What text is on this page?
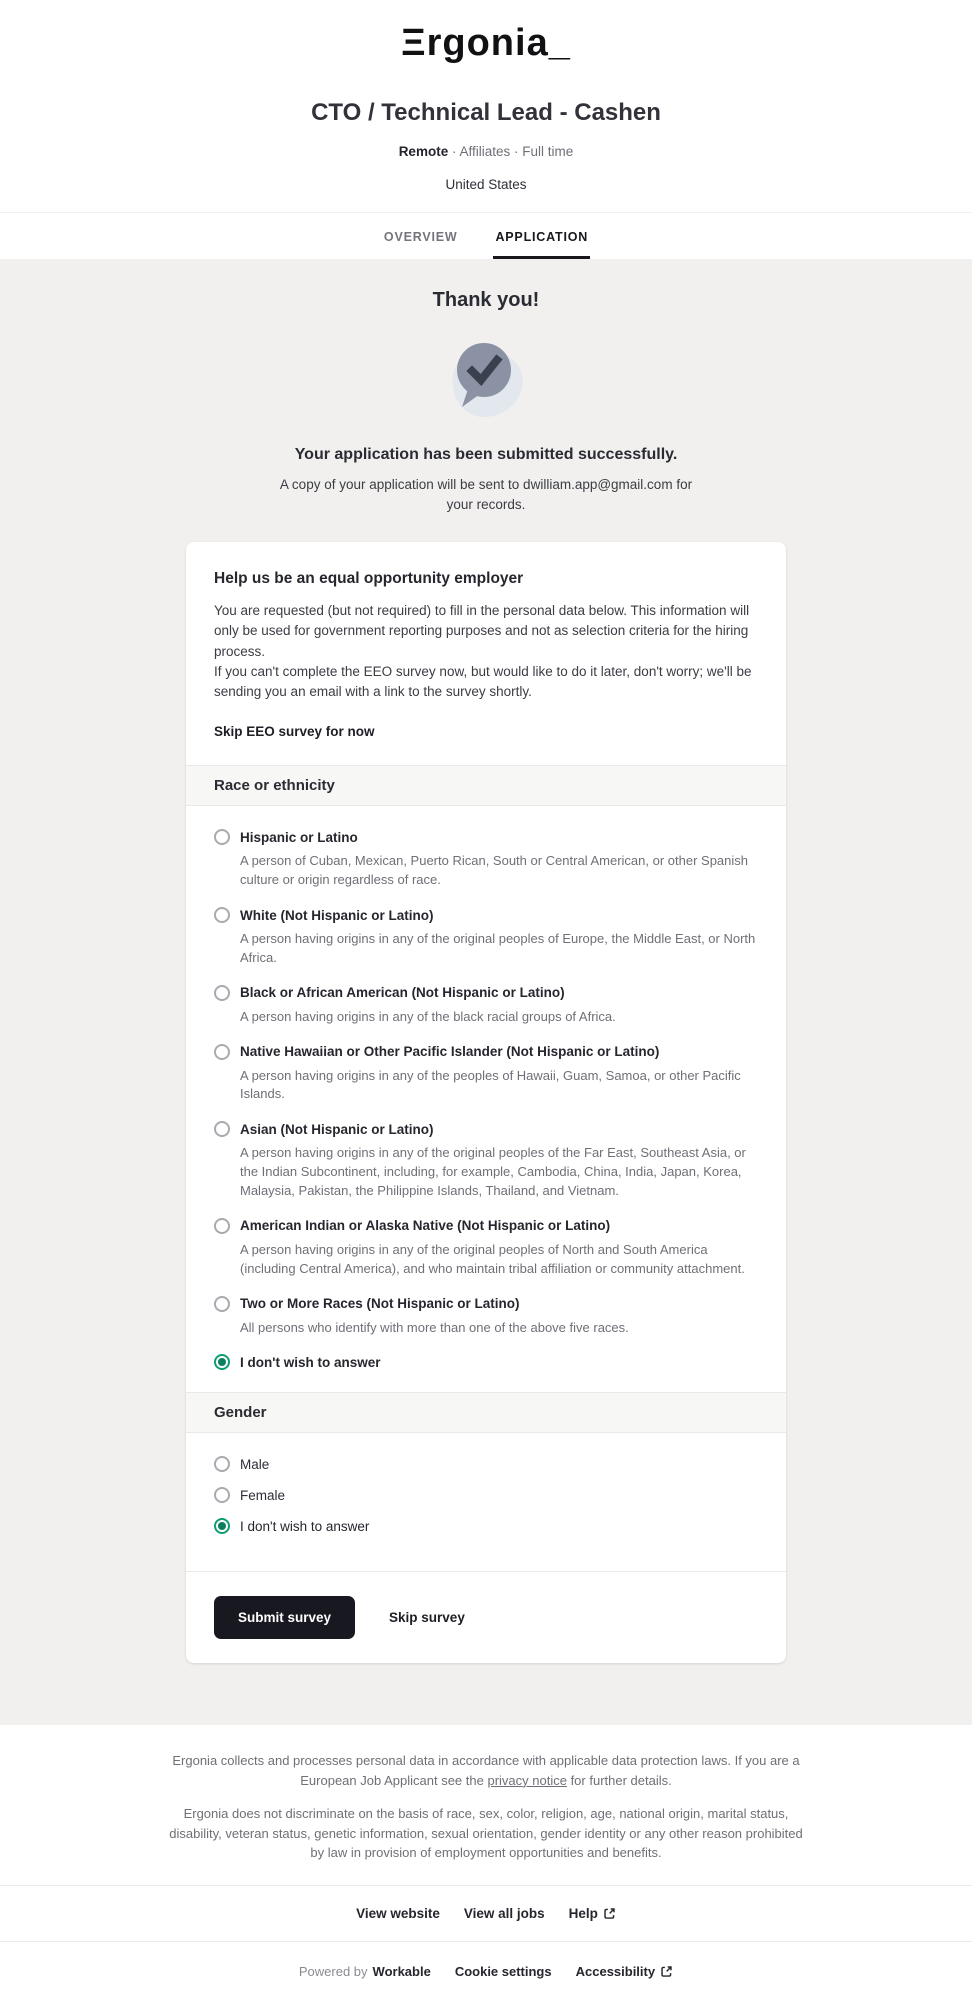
Ξrgonia_
CTO / Technical Lead - Cashen
Remote · Affiliates · Full time
United States
OVERVIEW	APPLICATION
Thank you!
Your application has been submitted successfully.
A copy of your application will be sent to dwilliam.app@gmail.com for your records.
Help us be an equal opportunity employer

You are requested (but not required) to fill in the personal data below. This information will only be used for government reporting purposes and not as selection criteria for the hiring process.

If you can't complete the EEO survey now, but would like to do it later, don't worry; we'll be sending you an email with a link to the survey shortly.

Skip EEO survey for now
Race or ethnicity
Hispanic or Latino
A person of Cuban, Mexican, Puerto Rican, South or Central American, or other Spanish culture or origin regardless of race.
White (Not Hispanic or Latino)
A person having origins in any of the original peoples of Europe, the Middle East, or North Africa.
Black or African American (Not Hispanic or Latino)
A person having origins in any of the black racial groups of Africa.
Native Hawaiian or Other Pacific Islander (Not Hispanic or Latino)
A person having origins in any of the peoples of Hawaii, Guam, Samoa, or other Pacific Islands.
Asian (Not Hispanic or Latino)
A person having origins in any of the original peoples of the Far East, Southeast Asia, or the Indian Subcontinent, including, for example, Cambodia, China, India, Japan, Korea, Malaysia, Pakistan, the Philippine Islands, Thailand, and Vietnam.
American Indian or Alaska Native (Not Hispanic or Latino)
A person having origins in any of the original peoples of North and South America (including Central America), and who maintain tribal affiliation or community attachment.
Two or More Races (Not Hispanic or Latino)
All persons who identify with more than one of the above five races.
I don't wish to answer
Gender
Male
Female
I don't wish to answer
Submit survey	Skip survey

Ergonia collects and processes personal data in accordance with applicable data protection laws. If you are a European Job Applicant see the privacy notice for further details.

Ergonia does not discriminate on the basis of race, sex, color, religion, age, national origin, marital status, disability, veteran status, genetic information, sexual orientation, gender identity or any other reason prohibited by law in provision of employment opportunities and benefits.

View website View all jobs Help
Powered by Workable Cookie settings Accessibility
